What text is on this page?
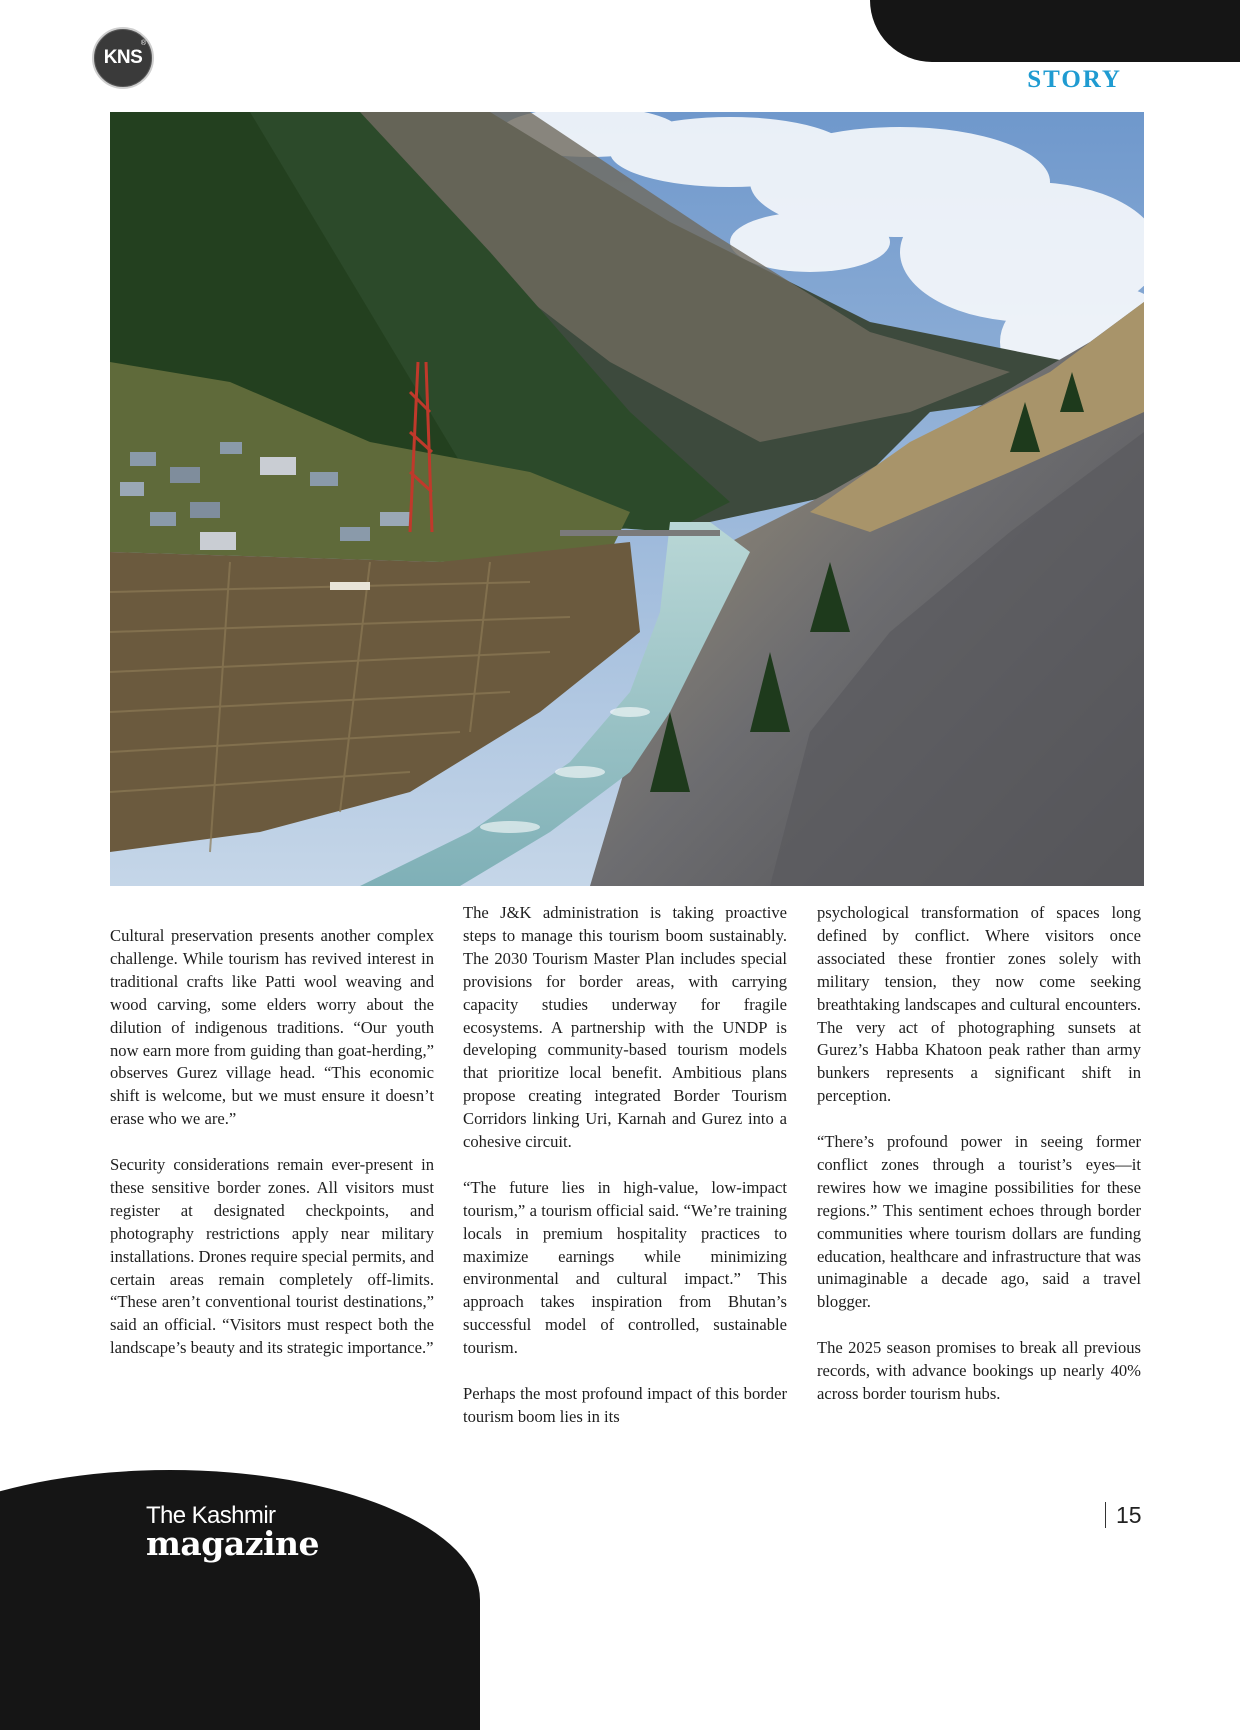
KNS
®
STORY

Cultural preservation presents another complex challenge. While tourism has revived interest in traditional crafts like Patti wool weaving and wood carving, some elders worry about the dilution of indigenous traditions. “Our youth now earn more from guiding than goat-herding,” observes Gurez village head. “This economic shift is welcome, but we must ensure it doesn’t erase who we are.”

Security considerations remain ever-present in these sensitive border zones. All visitors must register at designated checkpoints, and photography restrictions apply near military installations. Drones require special permits, and certain areas remain completely off-limits. “These aren’t conventional tourist destinations,” said an official. “Visitors must respect both the landscape’s beauty and its strategic importance.”

The J&K administration is taking proactive steps to manage this tourism boom sustainably. The 2030 Tourism Master Plan includes special provisions for border areas, with carrying capacity studies underway for fragile ecosystems. A partnership with the UNDP is developing community-based tourism models that prioritize local benefit. Ambitious plans propose creating integrated Border Tourism Corridors linking Uri, Karnah and Gurez into a cohesive circuit.

“The future lies in high-value, low-impact tourism,” a tourism official said. “We’re training locals in premium hospitality practices to maximize earnings while minimizing environmental and cultural impact.” This approach takes inspiration from Bhutan’s successful model of controlled, sustainable tourism.

Perhaps the most profound impact of this border tourism boom lies in its

psychological transformation of spaces long defined by conflict. Where visitors once associated these frontier zones solely with military tension, they now come seeking breathtaking landscapes and cultural encounters. The very act of photographing sunsets at Gurez’s Habba Khatoon peak rather than army bunkers represents a significant shift in perception.

“There’s profound power in seeing former conflict zones through a tourist’s eyes—it rewires how we imagine possibilities for these regions.” This sentiment echoes through border communities where tourism dollars are funding education, healthcare and infrastructure that was unimaginable a decade ago, said a travel blogger.

The 2025 season promises to break all previous records, with advance bookings up nearly 40% across border tourism hubs.

The Kashmir
magazine
15
